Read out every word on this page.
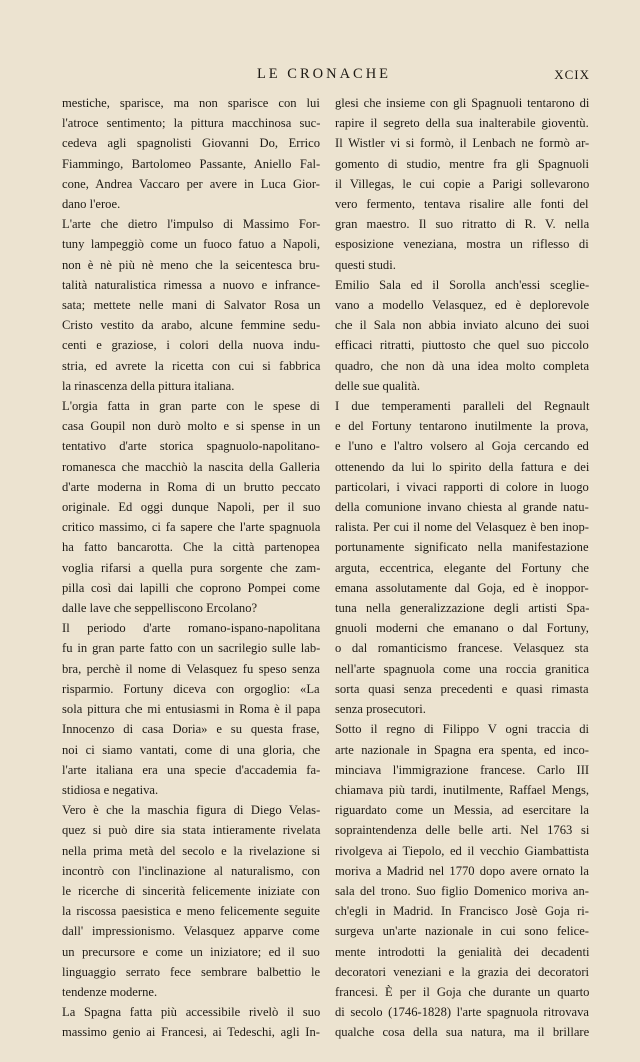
LE CRONACHE	XCIX

mestiche, sparisce, ma non sparisce con lui
l'atroce sentimento; la pittura macchinosa suc-
cedeva agli spagnolisti Giovanni Do, Errico
Fiammingo, Bartolomeo Passante, Aniello Fal-
cone, Andrea Vaccaro per avere in Luca Gior-
dano l'eroe.

L'arte che dietro l'impulso di Massimo For-
tuny lampeggiò come un fuoco fatuo a Napoli,
non è nè più nè meno che la seicentesca bru-
talità naturalistica rimessa a nuovo e infrance-
sata; mettete nelle mani di Salvator Rosa un
Cristo vestito da arabo, alcune femmine sedu-
centi e graziose, i colori della nuova indu-
stria, ed avrete la ricetta con cui si fabbrica
la rinascenza della pittura italiana.

L'orgia fatta in gran parte con le spese di
casa Goupil non durò molto e si spense in un
tentativo d'arte storica spagnuolo-napolitano-
romanesca che macchiò la nascita della Galleria
d'arte moderna in Roma di un brutto peccato
originale. Ed oggi dunque Napoli, per il suo
critico massimo, ci fa sapere che l'arte spagnuola
ha fatto bancarotta. Che la città partenopea
voglia rifarsi a quella pura sorgente che zam-
pilla così dai lapilli che coprono Pompei come
dalle lave che seppelliscono Ercolano?

Il periodo d'arte romano-ispano-napolitana
fu in gran parte fatto con un sacrilegio sulle lab-
bra, perchè il nome di Velasquez fu speso senza
risparmio. Fortuny diceva con orgoglio: «La
sola pittura che mi entusiasmi in Roma è il papa
Innocenzo di casa Doria» e su questa frase,
noi ci siamo vantati, come di una gloria, che
l'arte italiana era una specie d'accademia fa-
stidiosa e negativa.

Vero è che la maschia figura di Diego Velas-
quez si può dire sia stata intieramente rivelata
nella prima metà del secolo e la rivelazione si
incontrò con l'inclinazione al naturalismo, con
le ricerche di sincerità felicemente iniziate con
la riscossa paesistica e meno felicemente seguite
dall' impressionismo. Velasquez apparve come
un precursore e come un iniziatore; ed il suo
linguaggio serrato fece sembrare balbettio le
tendenze moderne.

La Spagna fatta più accessibile rivelò il suo
massimo genio ai Francesi, ai Tedeschi, agli In-

glesi che insieme con gli Spagnuoli tentarono di
rapire il segreto della sua inalterabile gioventù.
Il Wistler vi si formò, il Lenbach ne formò ar-
gomento di studio, mentre fra gli Spagnuoli
il Villegas, le cui copie a Parigi sollevarono
vero fermento, tentava risalire alle fonti del
gran maestro. Il suo ritratto di R. V. nella
esposizione veneziana, mostra un riflesso di
questi studi.

Emilio Sala ed il Sorolla anch'essi sceglie-
vano a modello Velasquez, ed è deplorevole
che il Sala non abbia inviato alcuno dei suoi
efficaci ritratti, piuttosto che quel suo piccolo
quadro, che non dà una idea molto completa
delle sue qualità.

I due temperamenti paralleli del Regnault
e del Fortuny tentarono inutilmente la prova,
e l'uno e l'altro volsero al Goja cercando ed
ottenendo da lui lo spirito della fattura e dei
particolari, i vivaci rapporti di colore in luogo
della comunione invano chiesta al grande natu-
ralista. Per cui il nome del Velasquez è ben inop-
portunamente significato nella manifestazione
arguta, eccentrica, elegante del Fortuny che
emana assolutamente dal Goja, ed è inoppor-
tuna nella generalizzazione degli artisti Spa-
gnuoli moderni che emanano o dal Fortuny,
o dal romanticismo francese. Velasquez sta
nell'arte spagnuola come una roccia granitica
sorta quasi senza precedenti e quasi rimasta
senza prosecutori.

Sotto il regno di Filippo V ogni traccia di
arte nazionale in Spagna era spenta, ed inco-
minciava l'immigrazione francese. Carlo III
chiamava più tardi, inutilmente, Raffael Mengs,
riguardato come un Messia, ad esercitare la
sopraintendenza delle belle arti. Nel 1763 si
rivolgeva ai Tiepolo, ed il vecchio Giambattista
moriva a Madrid nel 1770 dopo avere ornato la
sala del trono. Suo figlio Domenico moriva an-
ch'egli in Madrid. In Francisco Josè Goja ri-
surgeva un'arte nazionale in cui sono felice-
mente introdotti la genialità dei decadenti
decoratori veneziani e la grazia dei decoratori
francesi. È per il Goja che durante un quarto
di secolo (1746-1828) l'arte spagnuola ritrovava
qualche cosa della sua natura, ma il brillare
